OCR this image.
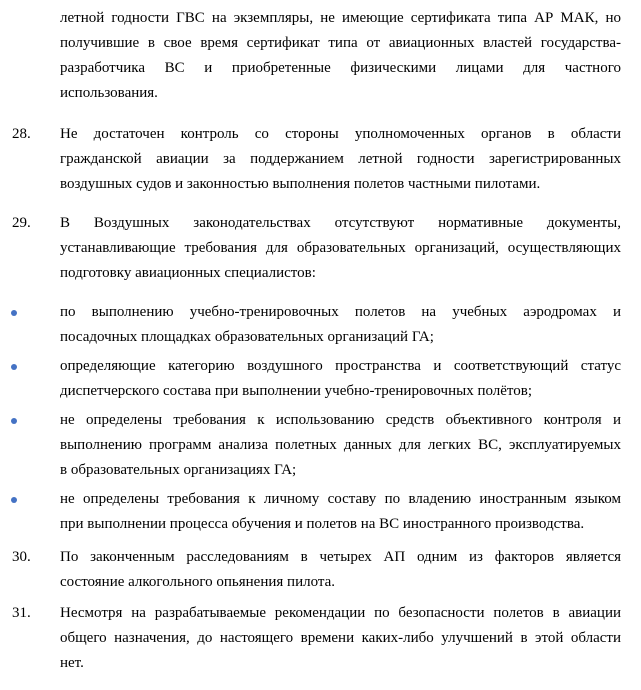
летной годности ГВС на экземпляры, не имеющие сертификата типа АР МАК, но
получившие в свое время сертификат типа от авиационных властей государства-
разработчика ВС и приобретенные физическими лицами для частного
использования.
28. Не достаточен контроль со стороны уполномоченных органов в области
гражданской авиации за поддержанием летной годности зарегистрированных
воздушных судов и законностью выполнения полетов частными пилотами.
29. В Воздушных законодательствах отсутствуют нормативные документы,
устанавливающие требования для образовательных организаций, осуществляющих
подготовку авиационных специалистов:
по выполнению учебно-тренировочных полетов на учебных аэродромах и
посадочных площадках образовательных организаций ГА;
определяющие категорию воздушного пространства и соответствующий статус
диспетчерского состава при выполнении учебно-тренировочных полётов;
не определены требования к использованию средств объективного контроля и
выполнению программ анализа полетных данных для легких ВС, эксплуатируемых
в образовательных организациях ГА;
не определены требования к личному составу по владению иностранным языком
при выполнении процесса обучения и полетов на ВС иностранного производства.
30. По законченным расследованиям в четырех АП одним из факторов является
состояние алкогольного опьянения пилота.
31. Несмотря на разрабатываемые рекомендации по безопасности полетов в авиации
общего назначения, до настоящего времени каких-либо улучшений в этой области
нет.
